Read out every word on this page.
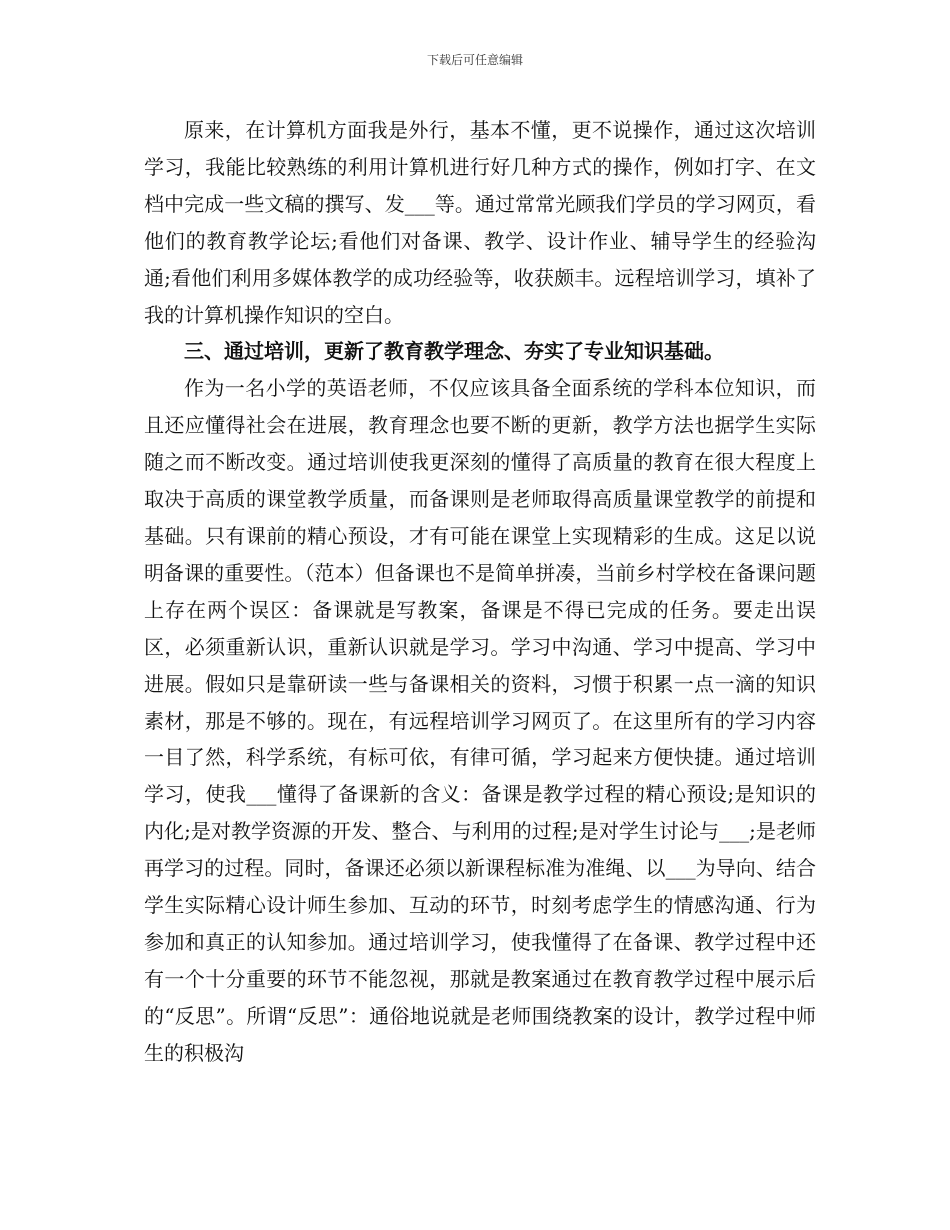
下载后可任意编辑

原来，在计算机方面我是外行，基本不懂，更不说操作，通过这次培训学习，我能比较熟练的利用计算机进行好几种方式的操作，例如打字、在文档中完成一些文稿的撰写、发___等。通过常常光顾我们学员的学习网页，看他们的教育教学论坛;看他们对备课、教学、设计作业、辅导学生的经验沟通;看他们利用多媒体教学的成功经验等，收获颇丰。远程培训学习，填补了我的计算机操作知识的空白。

三、通过培训，更新了教育教学理念、夯实了专业知识基础。

作为一名小学的英语老师，不仅应该具备全面系统的学科本位知识，而且还应懂得社会在进展，教育理念也要不断的更新，教学方法也据学生实际随之而不断改变。通过培训使我更深刻的懂得了高质量的教育在很大程度上取决于高质的课堂教学质量，而备课则是老师取得高质量课堂教学的前提和基础。只有课前的精心预设，才有可能在课堂上实现精彩的生成。这足以说明备课的重要性。（范本）但备课也不是简单拼凑，当前乡村学校在备课问题上存在两个误区：备课就是写教案，备课是不得已完成的任务。要走出误区，必须重新认识，重新认识就是学习。学习中沟通、学习中提高、学习中进展。假如只是靠研读一些与备课相关的资料，习惯于积累一点一滴的知识素材，那是不够的。现在，有远程培训学习网页了。在这里所有的学习内容一目了然，科学系统，有标可依，有律可循，学习起来方便快捷。通过培训学习，使我___懂得了备课新的含义：备课是教学过程的精心预设;是知识的内化;是对教学资源的开发、整合、与利用的过程;是对学生讨论与___;是老师再学习的过程。同时，备课还必须以新课程标准为准绳、以___为导向、结合学生实际精心设计师生参加、互动的环节，时刻考虑学生的情感沟通、行为参加和真正的认知参加。通过培训学习，使我懂得了在备课、教学过程中还有一个十分重要的环节不能忽视，那就是教案通过在教育教学过程中展示后的“反思”。所谓“反思”：通俗地说就是老师围绕教案的设计，教学过程中师生的积极沟
